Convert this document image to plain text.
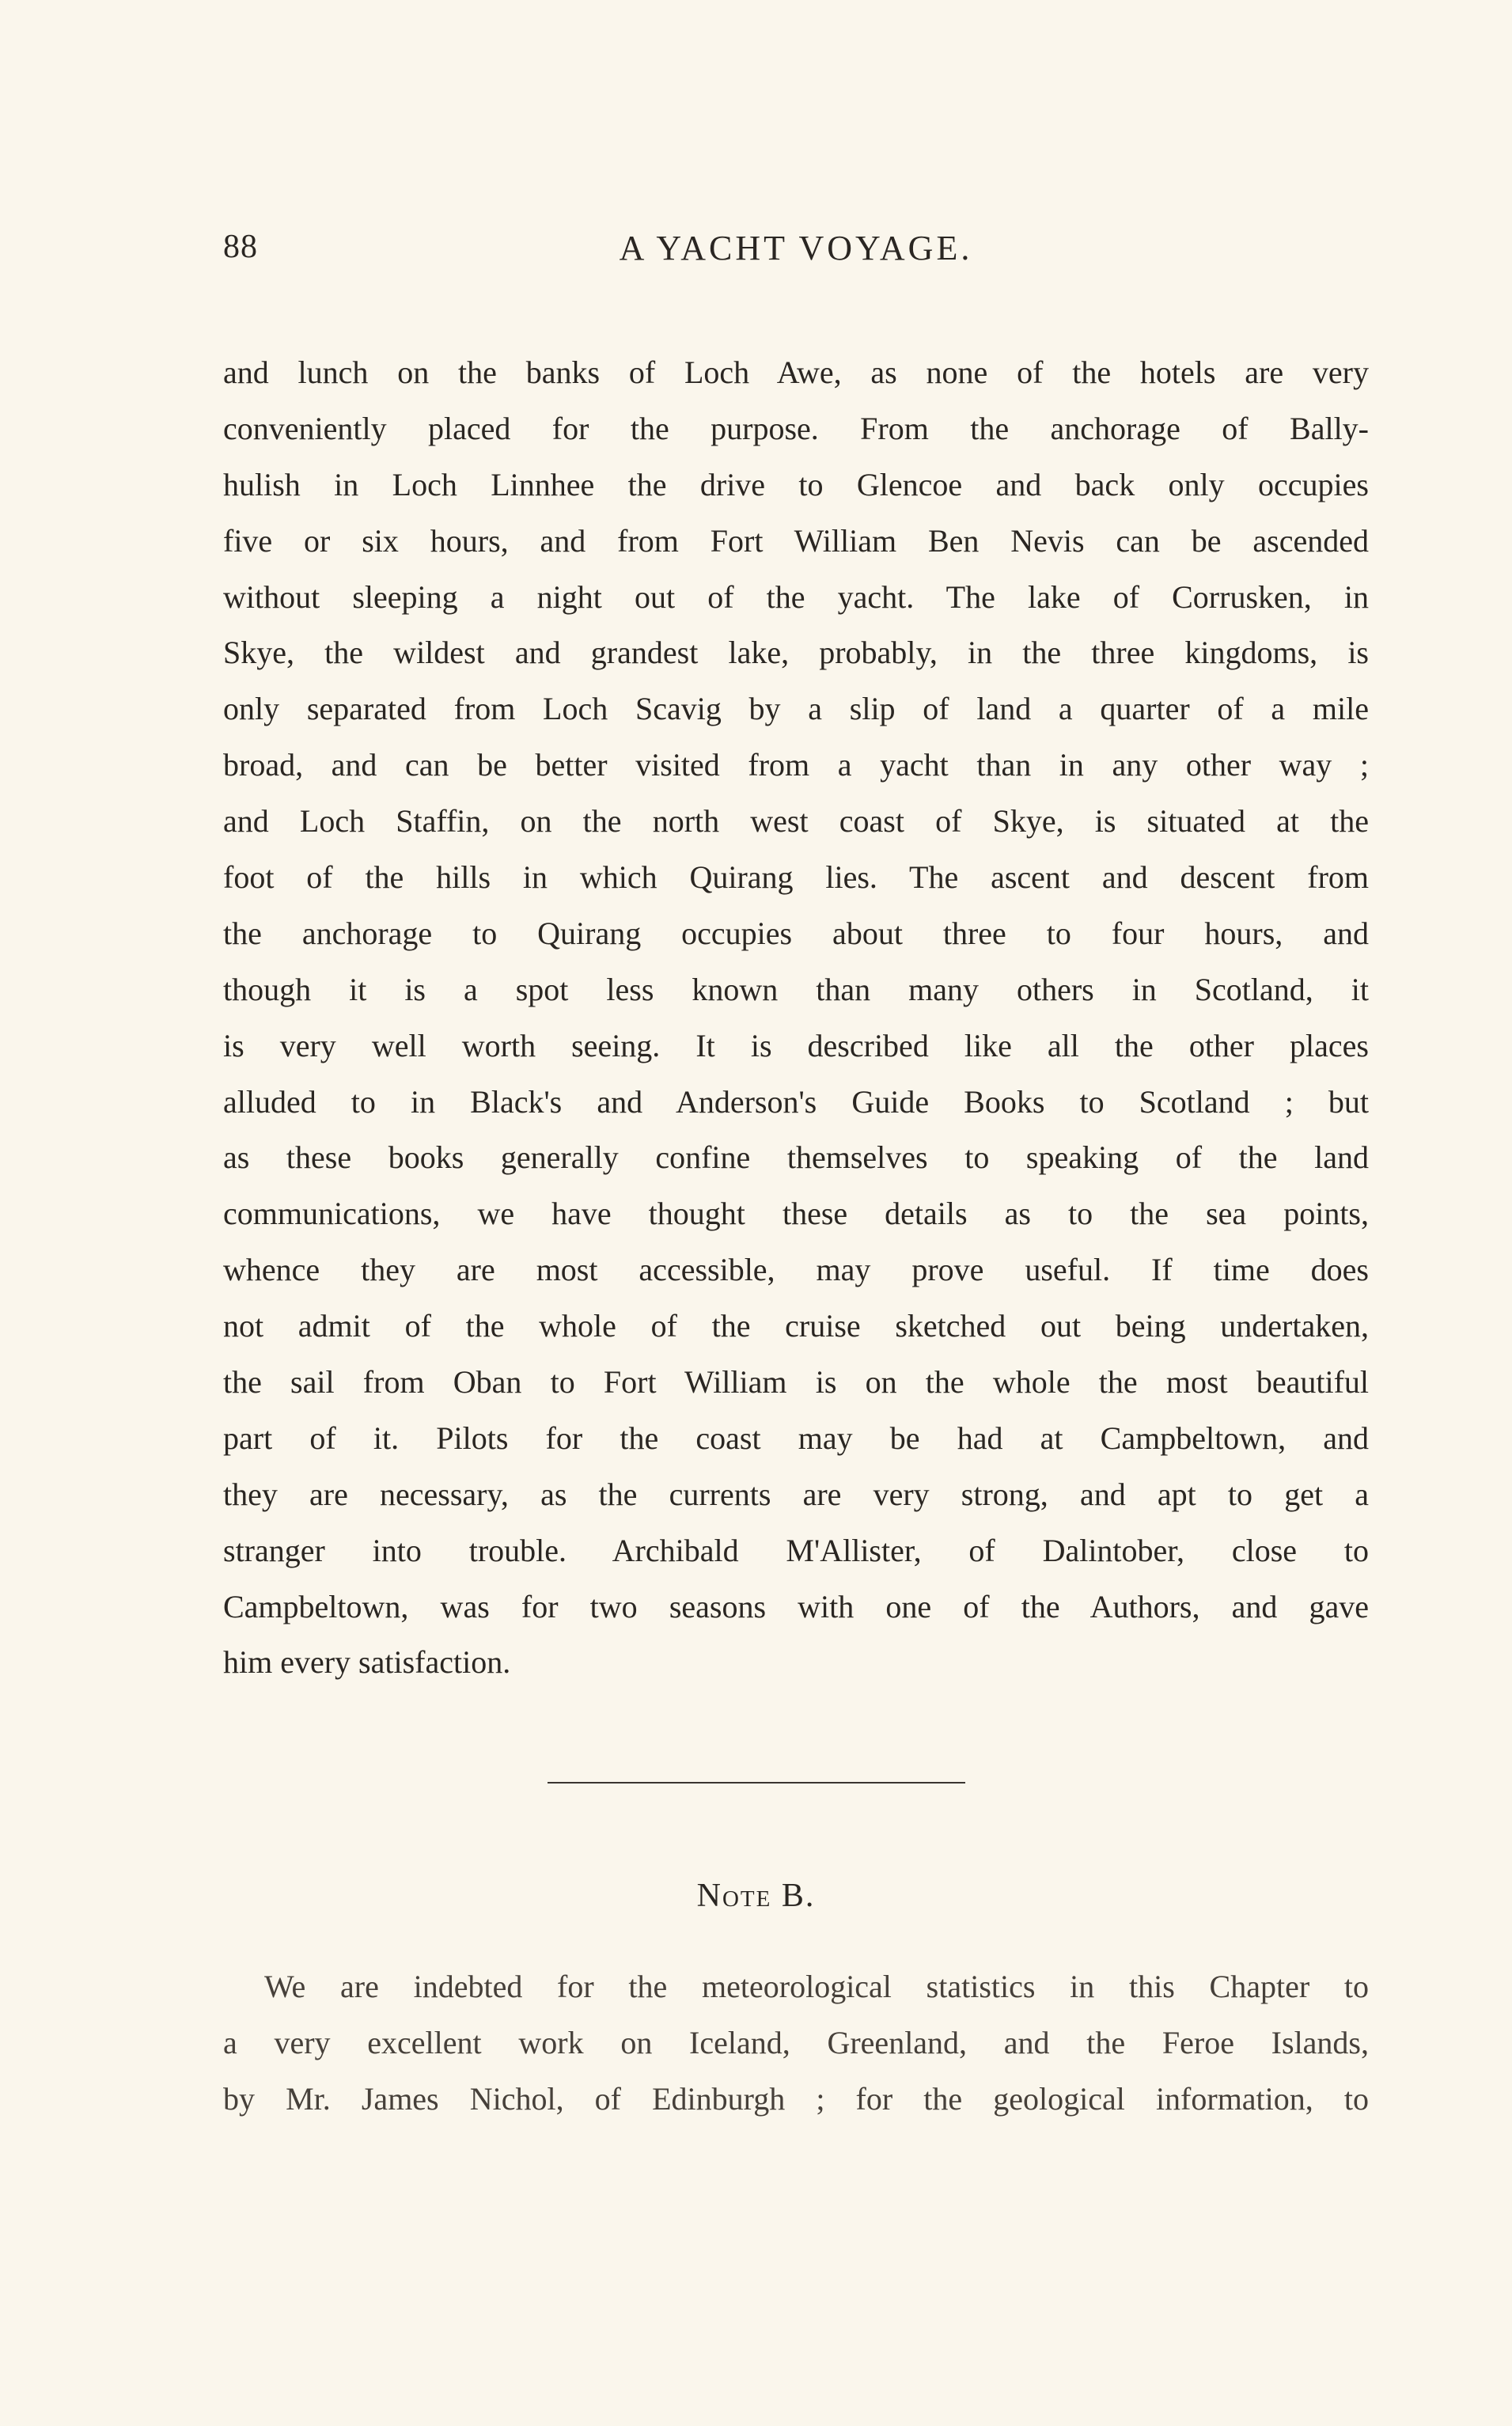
88	A YACHT VOYAGE.
and lunch on the banks of Loch Awe, as none of the hotels are very
conveniently placed for the purpose. From the anchorage of Bally-
hulish in Loch Linnhee the drive to Glencoe and back only occupies
five or six hours, and from Fort William Ben Nevis can be ascended
without sleeping a night out of the yacht. The lake of Corrusken, in
Skye, the wildest and grandest lake, probably, in the three kingdoms, is
only separated from Loch Scavig by a slip of land a quarter of a mile
broad, and can be better visited from a yacht than in any other way ;
and Loch Staffin, on the north west coast of Skye, is situated at the
foot of the hills in which Quirang lies. The ascent and descent from
the anchorage to Quirang occupies about three to four hours, and
though it is a spot less known than many others in Scotland, it
is very well worth seeing. It is described like all the other places
alluded to in Black's and Anderson's Guide Books to Scotland ; but
as these books generally confine themselves to speaking of the land
communications, we have thought these details as to the sea points,
whence they are most accessible, may prove useful. If time does
not admit of the whole of the cruise sketched out being undertaken,
the sail from Oban to Fort William is on the whole the most beautiful
part of it. Pilots for the coast may be had at Campbeltown, and
they are necessary, as the currents are very strong, and apt to get a
stranger into trouble. Archibald M'Allister, of Dalintober, close to
Campbeltown, was for two seasons with one of the Authors, and gave
him every satisfaction.
Note B.
We are indebted for the meteorological statistics in this Chapter to
a very excellent work on Iceland, Greenland, and the Feroe Islands,
by Mr. James Nichol, of Edinburgh ; for the geological information, to
